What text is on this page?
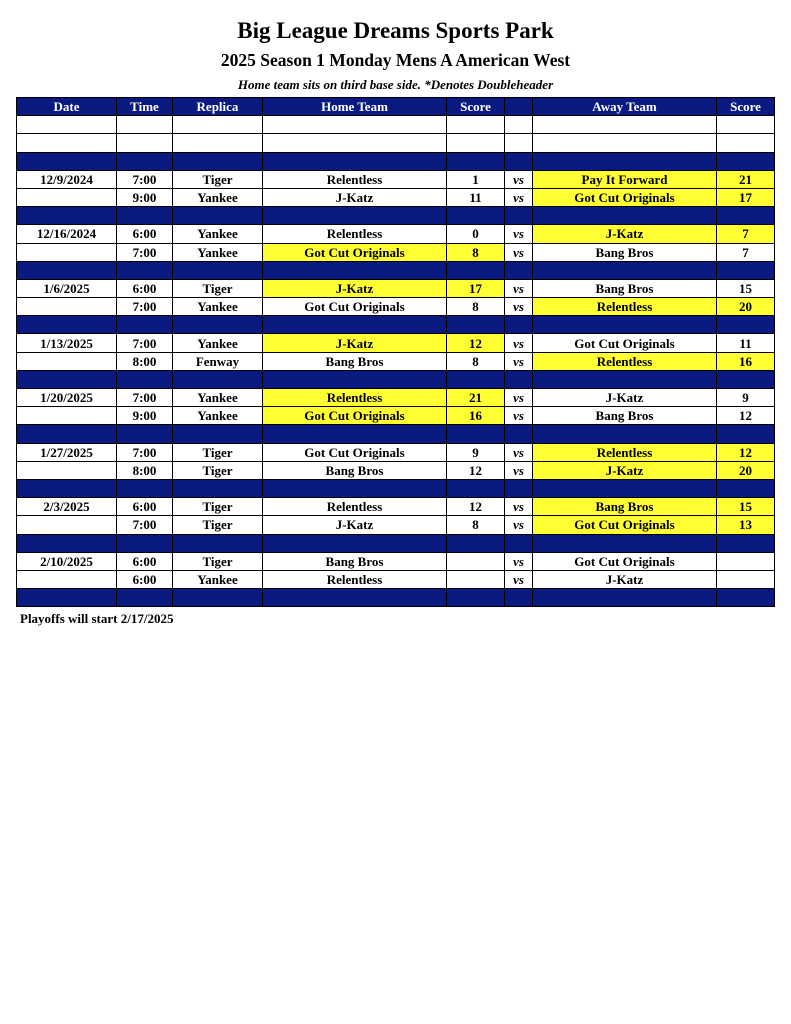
Big League Dreams Sports Park
2025 Season 1 Monday Mens A American West
Home team sits on third base side. *Denotes Doubleheader
Date	Time	Replica	Home Team	Score		Away Team	Score

12/9/2024	7:00	Tiger	Relentless	1	vs	Pay It Forward	21
	9:00	Yankee	J-Katz	11	vs	Got Cut Originals	17

12/16/2024	6:00	Yankee	Relentless	0	vs	J-Katz	7
	7:00	Yankee	Got Cut Originals	8	vs	Bang Bros	7

1/6/2025	6:00	Tiger	J-Katz	17	vs	Bang Bros	15
	7:00	Yankee	Got Cut Originals	8	vs	Relentless	20

1/13/2025	7:00	Yankee	J-Katz	12	vs	Got Cut Originals	11
	8:00	Fenway	Bang Bros	8	vs	Relentless	16

1/20/2025	7:00	Yankee	Relentless	21	vs	J-Katz	9
	9:00	Yankee	Got Cut Originals	16	vs	Bang Bros	12

1/27/2025	7:00	Tiger	Got Cut Originals	9	vs	Relentless	12
	8:00	Tiger	Bang Bros	12	vs	J-Katz	20

2/3/2025	6:00	Tiger	Relentless	12	vs	Bang Bros	15
	7:00	Tiger	J-Katz	8	vs	Got Cut Originals	13

2/10/2025	6:00	Tiger	Bang Bros		vs	Got Cut Originals	
	6:00	Yankee	Relentless		vs	J-Katz	

Playoffs will start 2/17/2025
